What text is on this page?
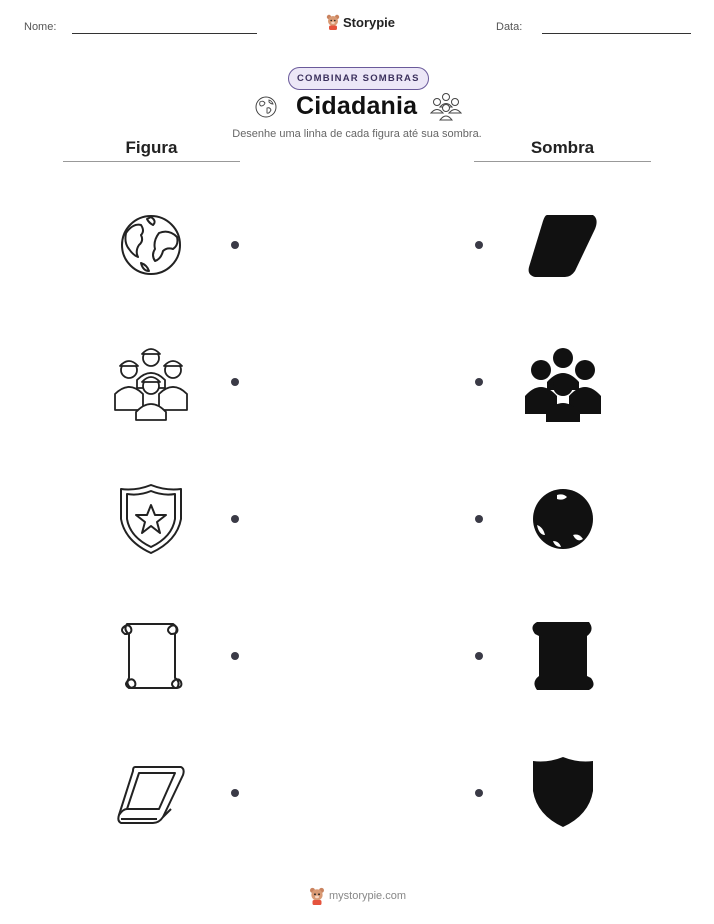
Nome:	Storypie	Data:
COMBINAR SOMBRAS
Cidadania
Desenhe uma linha de cada figura até sua sombra.
Figura	Sombra
mystorypie.com
